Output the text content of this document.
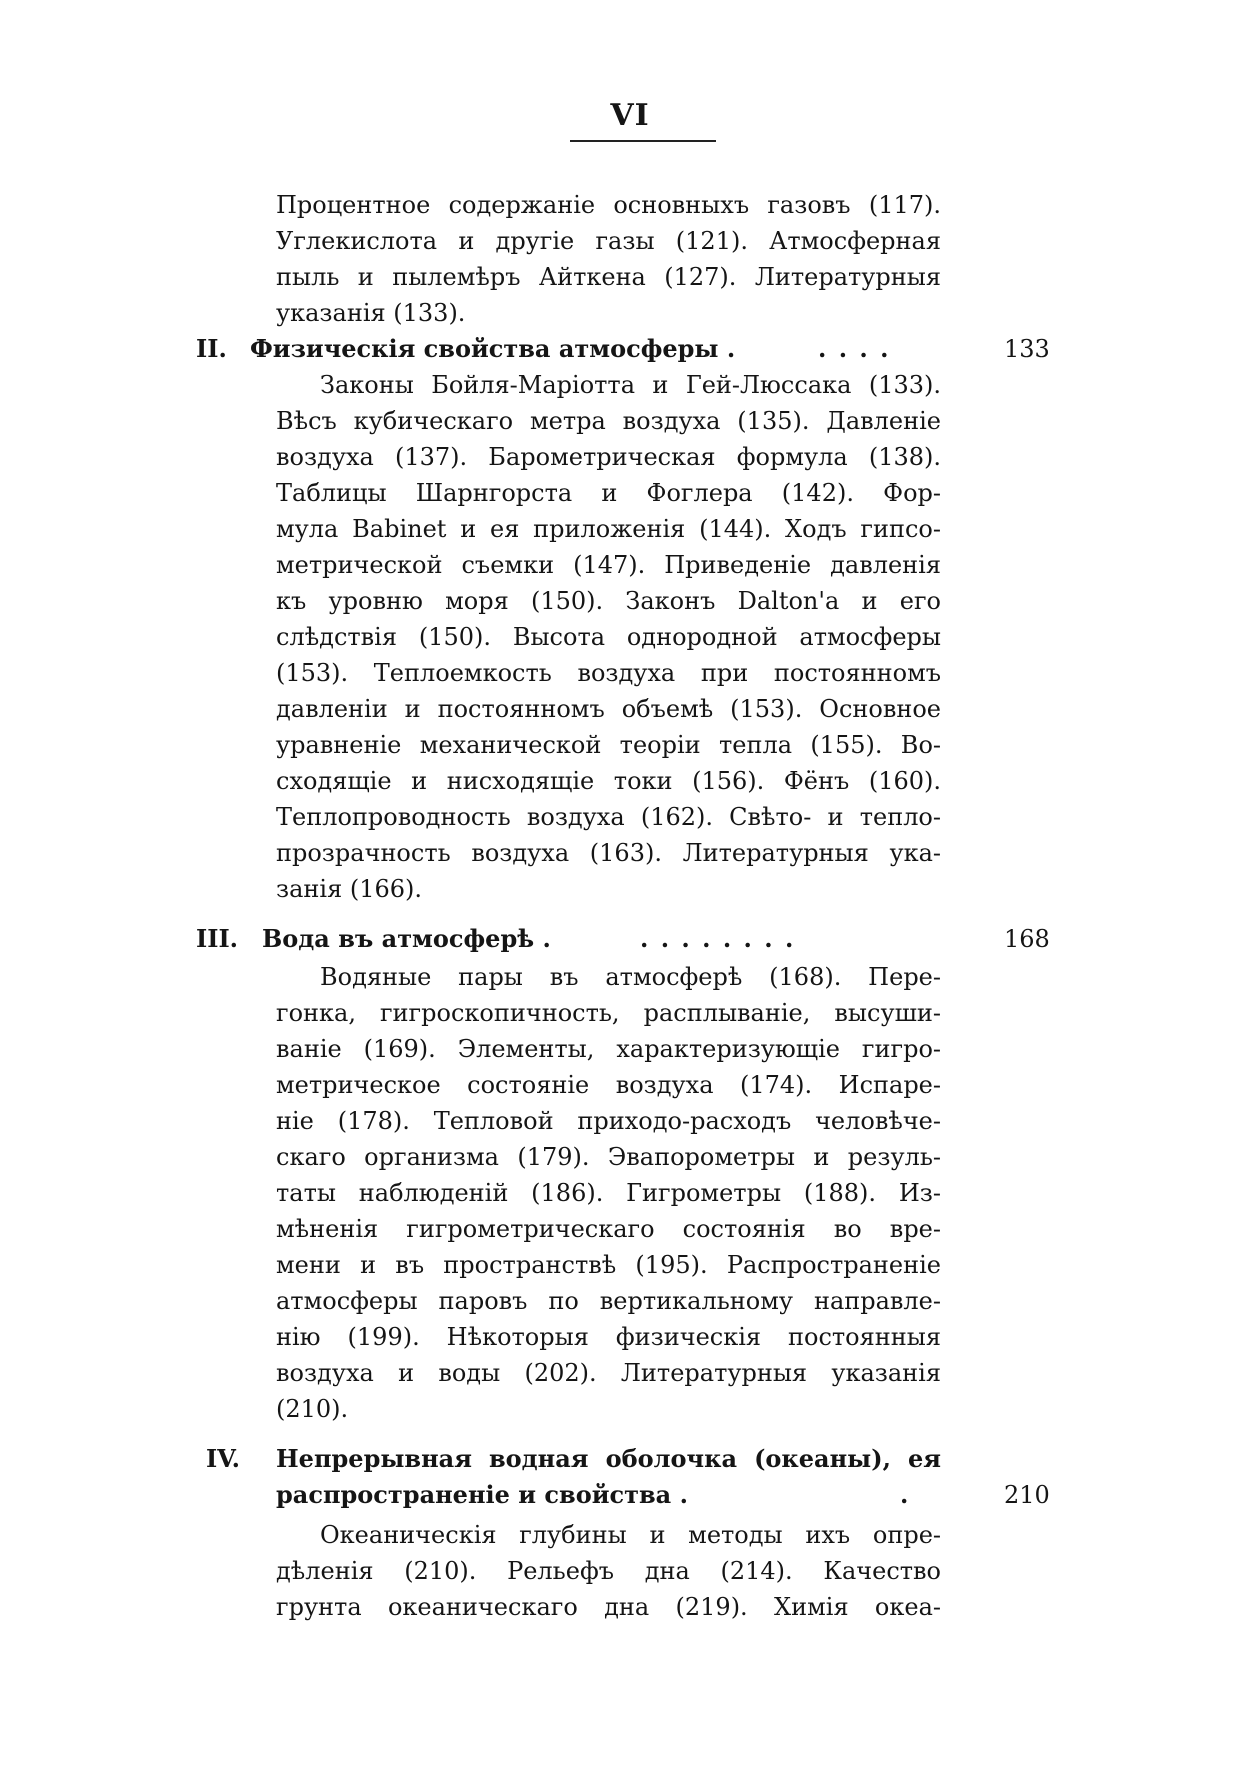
VI
Процентное содержаніе основныхъ газовъ (117).
Углекислота и другіе газы (121). Атмосферная
пыль и пылемѣръ Айткена (127). Литературныя
указанія (133).
II. Физическія свойства атмосферы .	. . . .	133
Законы Бойля-Маріотта и Гей-Люссака (133).
Вѣсъ кубическаго метра воздуха (135). Давленіе
воздуха (137). Барометрическая формула (138).
Таблицы Шарнгорста и Фоглера (142). Фор-
мула Babinet и ея приложенія (144). Ходъ гипсо-
метрической съемки (147). Приведеніе давленія
къ уровню моря (150). Законъ Dalton'а и его
слѣдствія (150). Высота однородной атмосферы
(153). Теплоемкость воздуха при постоянномъ
давленіи и постоянномъ объемѣ (153). Основное
уравненіе механической теоріи тепла (155). Во-
сходящіе и нисходящіе токи (156). Фёнъ (160).
Теплопроводность воздуха (162). Свѣто- и тепло-
прозрачность воздуха (163). Литературныя ука-
занія (166).
III. Вода въ атмосферѣ .	. . . . . . . .	168
Водяные пары въ атмосферѣ (168). Пере-
гонка, гигроскопичность, расплываніе, высуши-
ваніе (169). Элементы, характеризующіе гигро-
метрическое состояніе воздуха (174). Испаре-
ніе (178). Тепловой приходо-расходъ человѣче-
скаго организма (179). Эвапорометры и резуль-
таты наблюденій (186). Гигрометры (188). Из-
мѣненія гигрометрическаго состоянія во вре-
мени и въ пространствѣ (195). Распространеніе
атмосферы паровъ по вертикальному направле-
нію (199). Нѣкоторыя физическія постоянныя
воздуха и воды (202). Литературныя указанія
(210).
IV. Непрерывная водная оболочка (океаны), ея
распространеніе и свойства .	.	210
Океаническія глубины и методы ихъ опре-
дѣленія (210). Рельефъ дна (214). Качество
грунта океаническаго дна (219). Химія океа-
